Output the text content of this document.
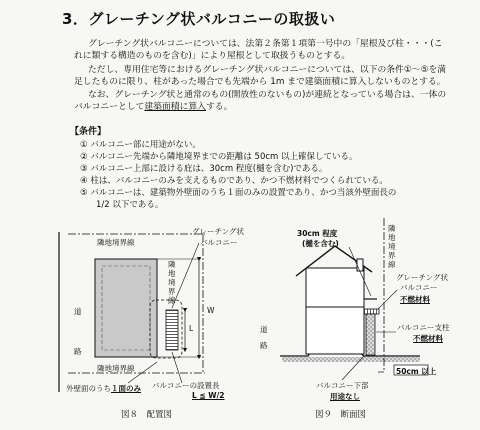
3．グレーチング状バルコニーの取扱い
グレーチング状バルコニーについては、法第２条第１項第一号中の「屋根及び柱・・・(こ
れに類する構造のものを含む)」により屋根として取扱うものとする。
ただし、専用住宅等におけるグレーチング状バルコニーについては、以下の条件①～⑤を満
足したものに限り、柱があった場合でも先端から 1m まで建築面積に算入しないものとする。
なお、グレーチング状と通常のもの(開放性のないもの)が連続となっている場合は、一体の
バルコニーとして建築面積に算入する。
【条件】
① バルコニー部に用途がない。
② バルコニー先端から隣地境界までの距離は 50cm 以上確保している。
③ バルコニー上部に設ける庇は、30cm 程度(樋を含む)である。
④ 柱は、バルコニーのみを支えるものであり、かつ不燃材料でつくられている。
⑤ バルコニーは、建築物外壁面のうち１面のみの設置であり、かつ当該外壁面長の
1/2 以下である。
道
路
隣地境界線
隣
地
境
界
線
隣地境界線
グレーチング状
バルコニー
W
L
外壁面のうち１面のみ バルコニーの設置長
L ≦ W/2
図８　配置図
30cm 程度
(樋を含む)
隣
地
境
界
線
グレーチング状
バルコニー
不燃材料
バルコニー支柱
不燃材料
道
路
バルコニー下部
用途なし
50cm 以上
図９　断面図
